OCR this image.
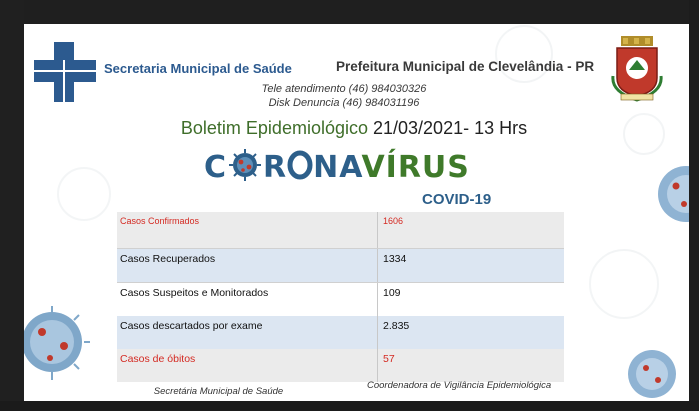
Secretaria Municipal de Saúde	Prefeitura Municipal de Clevelândia - PR
Tele atendimento (46) 984030326
Disk Denuncia (46) 984031196
Boletim Epidemiológico 21/03/2021- 13 Hrs
C R NAVÍRUS
COVID-19
Casos Confirmados	1606
Casos Recuperados	1334
Casos Suspeitos e Monitorados	109
Casos descartados por exame	2.835
Casos de óbitos	57
Secretária Municipal de Saúde
Coordenadora de Vigilância Epidemiológica
